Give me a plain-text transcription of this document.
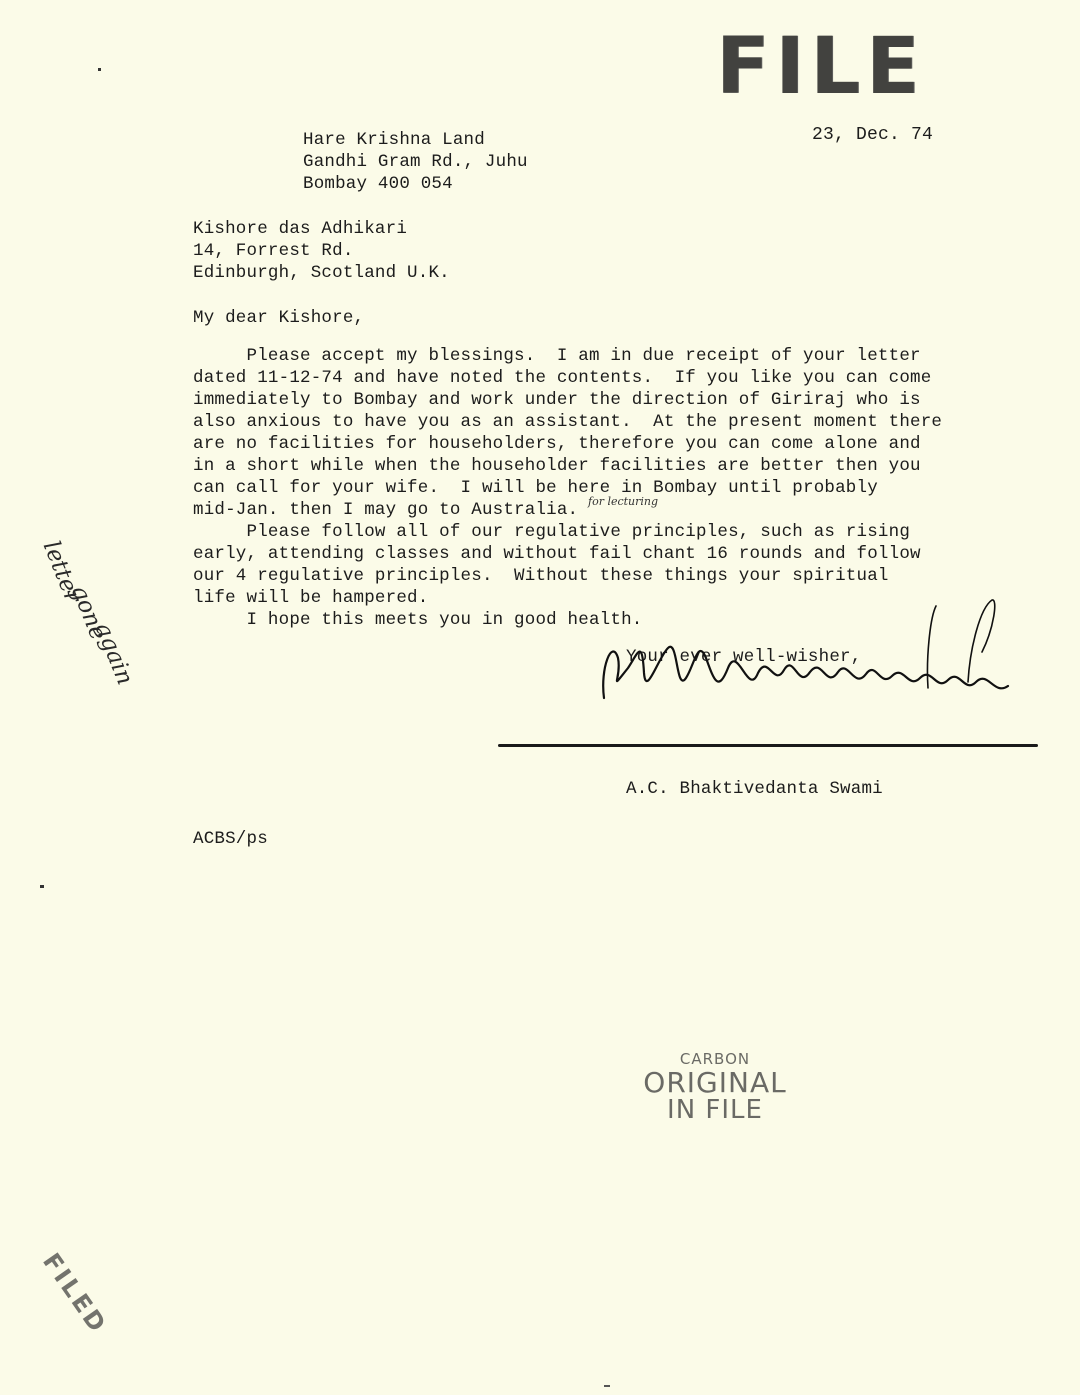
FILE
23, Dec. 74
Hare Krishna Land
Gandhi Gram Rd., Juhu
Bombay 400 054
Kishore das Adhikari
14, Forrest Rd.
Edinburgh, Scotland U.K.
My dear Kishore,
Please accept my blessings.  I am in due receipt of your letter
dated 11-12-74 and have noted the contents.  If you like you can come
immediately to Bombay and work under the direction of Giriraj who is
also anxious to have you as an assistant.  At the present moment there
are no facilities for householders, therefore you can come alone and
in a short while when the householder facilities are better then you
can call for your wife.  I will be here in Bombay until probably
mid-Jan. then I may go to Australia.
Please follow all of our regulative principles, such as rising
early, attending classes and without fail chant 16 rounds and follow
our 4 regulative principles.  Without these things your spiritual
life will be hampered.
I hope this meets you in good health.
for lecturing
Your ever well-wisher,
A.C. Bhaktivedanta Swami
ACBS/ps
letter
gone
again
CARBON
ORIGINAL
IN FILE
FILED
